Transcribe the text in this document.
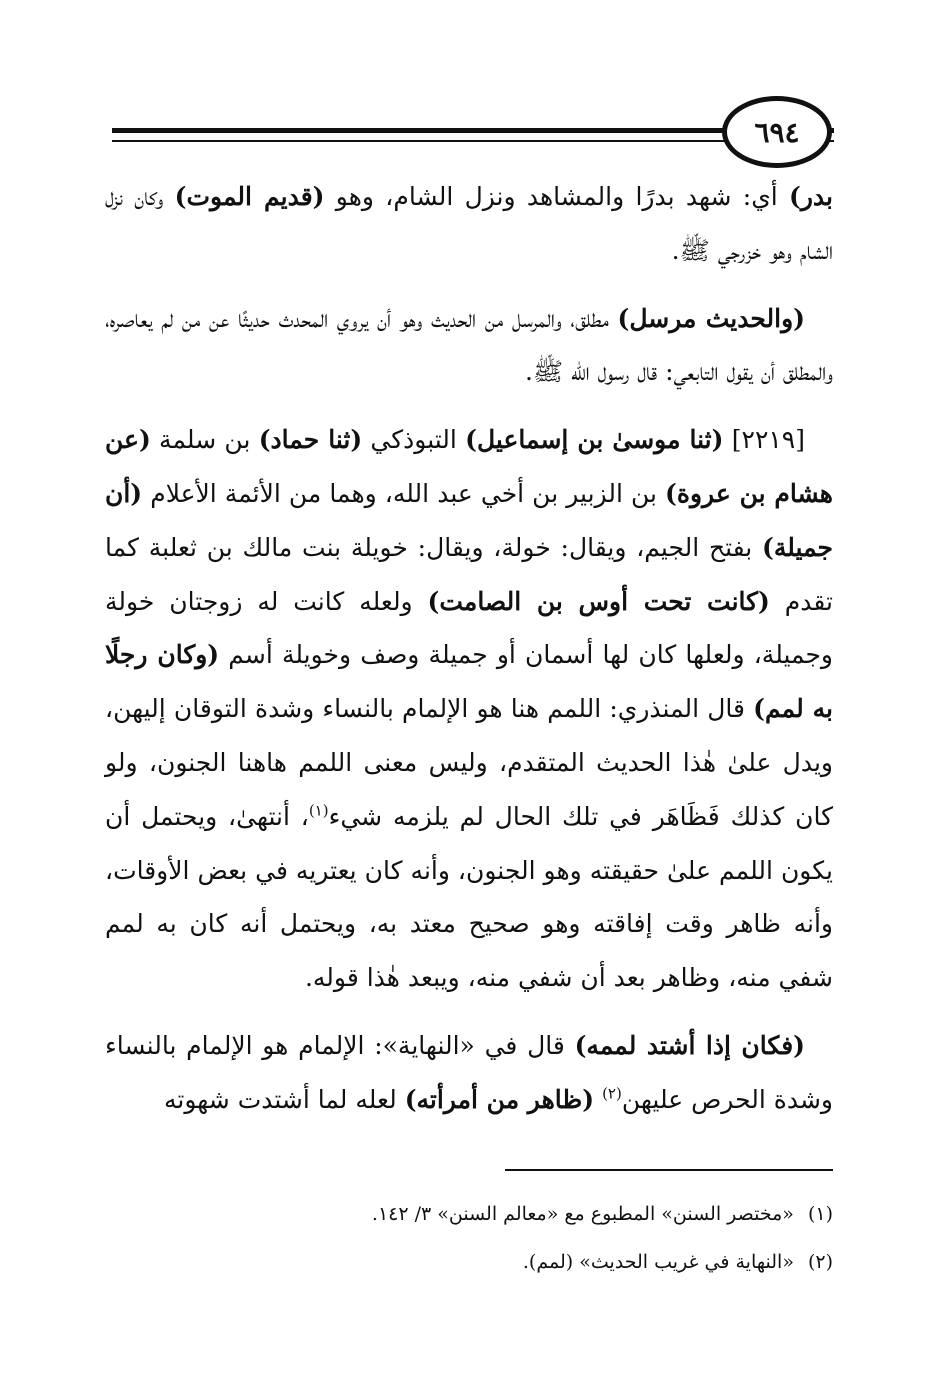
٦٩٤

بدر) أي: شهد بدرًا والمشاهد ونزل الشام، وهو (قديم الموت) وكان نزل الشام وهو خزرجي ﷺ.

(والحديث مرسل) مطلق، والمرسل من الحديث وهو أن يروي المحدث حديثًا عن من لم يعاصره، والمطلق أن يقول التابعي: قال رسول الله ﷺ.

[٢٢١٩] (ثنا موسىٰ بن إسماعيل) التبوذكي (ثنا حماد) بن سلمة (عن هشام بن عروة) بن الزبير بن أخي عبد الله، وهما من الأئمة الأعلام (أن جميلة) بفتح الجيم، ويقال: خولة، ويقال: خويلة بنت مالك بن ثعلبة كما تقدم (كانت تحت أوس بن الصامت) ولعله كانت له زوجتان خولة وجميلة، ولعلها كان لها أسمان أو جميلة وصف وخويلة أسم (وكان رجلًا به لمم) قال المنذري: اللمم هنا هو الإلمام بالنساء وشدة التوقان إليهن، ويدل علىٰ هٰذا الحديث المتقدم، وليس معنى اللمم هاهنا الجنون، ولو كان كذلك فَظَاهَر في تلك الحال لم يلزمه شيء$^{(١)}$، أنتهىٰ، ويحتمل أن يكون اللمم علىٰ حقيقته وهو الجنون، وأنه كان يعتريه في بعض الأوقات، وأنه ظاهر وقت إفاقته وهو صحيح معتد به، ويحتمل أنه كان به لمم شفي منه، وظاهر بعد أن شفي منه، ويبعد هٰذا قوله.

(فكان إذا أشتد لممه) قال في «النهاية»: الإلمام هو الإلمام بالنساء وشدة الحرص عليهن$^{(٢)}$ (ظاهر من أمرأته) لعله لما أشتدت شهوته

(١)«مختصر السنن» المطبوع مع «معالم السنن» ٣/ ١٤٢.
(٢)«النهاية في غريب الحديث» (لمم).
